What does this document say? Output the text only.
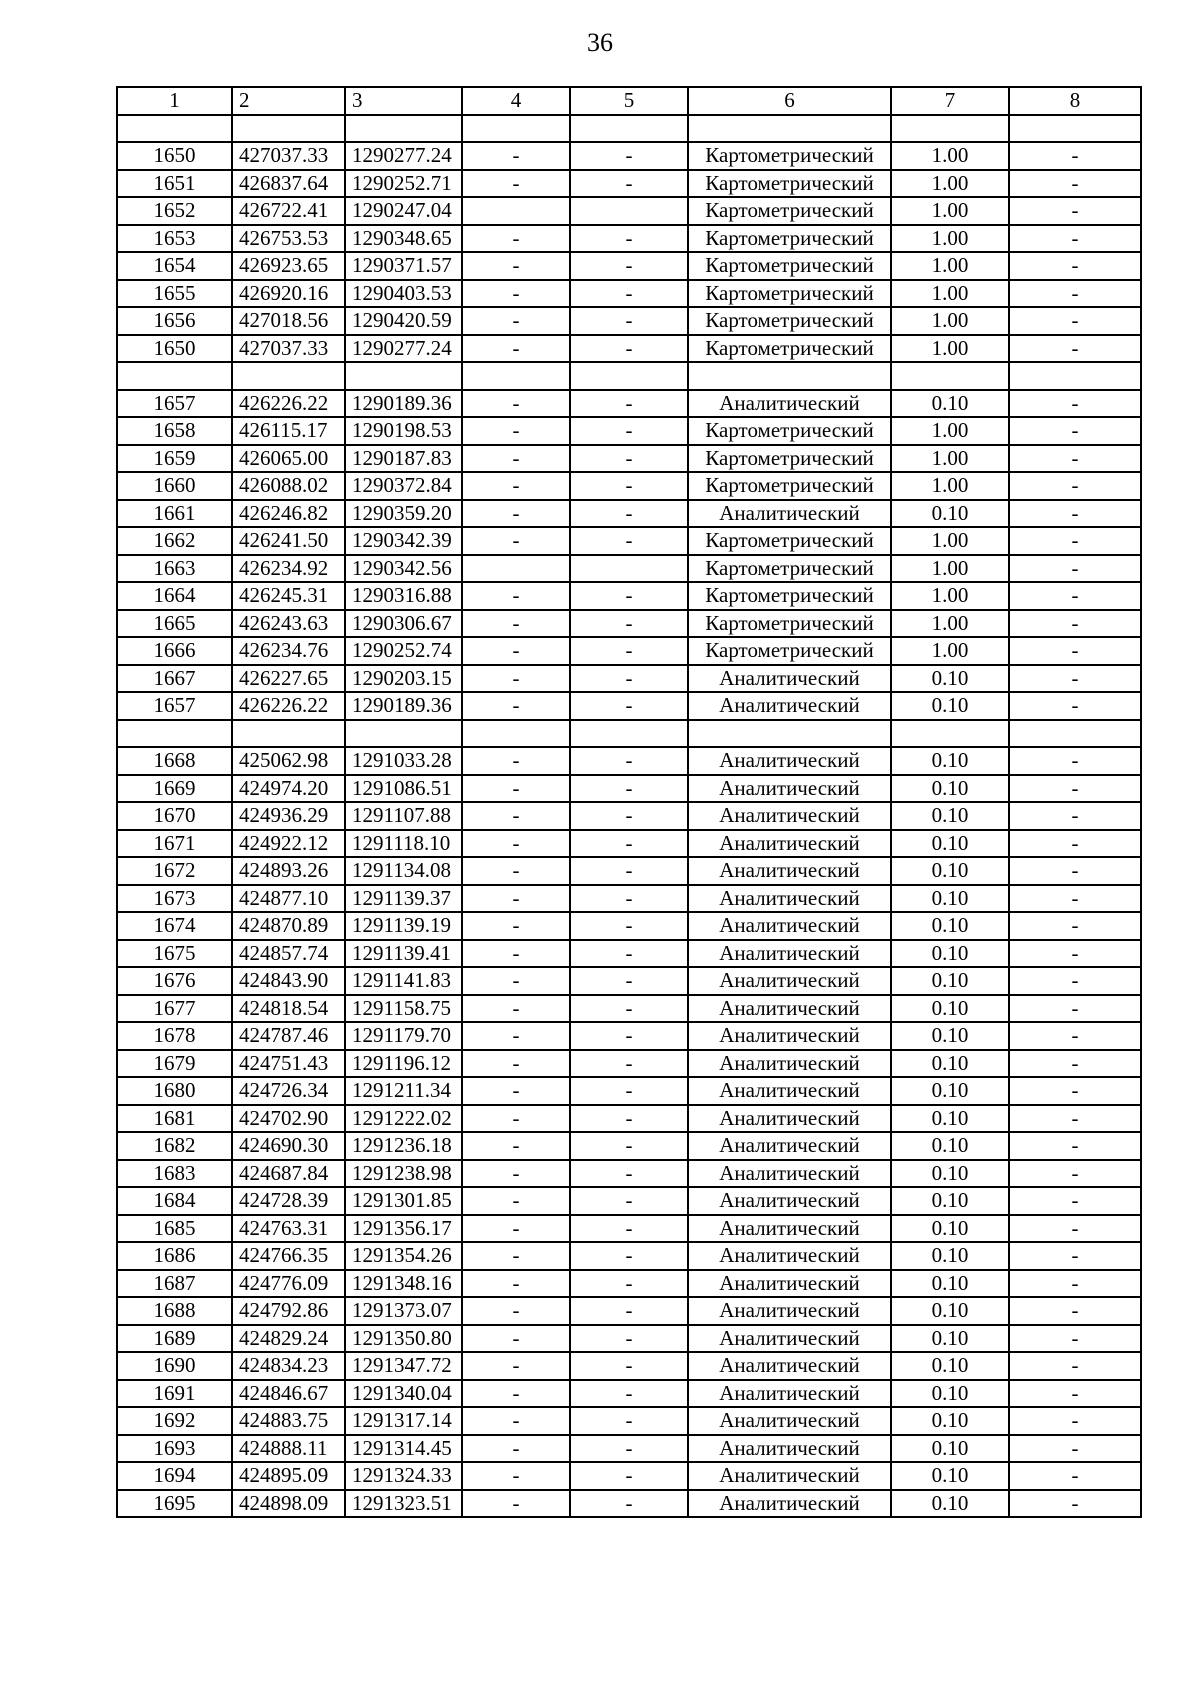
36
1	2	3	4	5	6	7	8

1650	427037.33	1290277.24	-	-	Картометрический	1.00	-
1651	426837.64	1290252.71	-	-	Картометрический	1.00	-
1652	426722.41	1290247.04			Картометрический	1.00	-
1653	426753.53	1290348.65	-	-	Картометрический	1.00	-
1654	426923.65	1290371.57	-	-	Картометрический	1.00	-
1655	426920.16	1290403.53	-	-	Картометрический	1.00	-
1656	427018.56	1290420.59	-	-	Картометрический	1.00	-
1650	427037.33	1290277.24	-	-	Картометрический	1.00	-

1657	426226.22	1290189.36	-	-	Аналитический	0.10	-
1658	426115.17	1290198.53	-	-	Картометрический	1.00	-
1659	426065.00	1290187.83	-	-	Картометрический	1.00	-
1660	426088.02	1290372.84	-	-	Картометрический	1.00	-
1661	426246.82	1290359.20	-	-	Аналитический	0.10	-
1662	426241.50	1290342.39	-	-	Картометрический	1.00	-
1663	426234.92	1290342.56			Картометрический	1.00	-
1664	426245.31	1290316.88	-	-	Картометрический	1.00	-
1665	426243.63	1290306.67	-	-	Картометрический	1.00	-
1666	426234.76	1290252.74	-	-	Картометрический	1.00	-
1667	426227.65	1290203.15	-	-	Аналитический	0.10	-
1657	426226.22	1290189.36	-	-	Аналитический	0.10	-

1668	425062.98	1291033.28	-	-	Аналитический	0.10	-
1669	424974.20	1291086.51	-	-	Аналитический	0.10	-
1670	424936.29	1291107.88	-	-	Аналитический	0.10	-
1671	424922.12	1291118.10	-	-	Аналитический	0.10	-
1672	424893.26	1291134.08	-	-	Аналитический	0.10	-
1673	424877.10	1291139.37	-	-	Аналитический	0.10	-
1674	424870.89	1291139.19	-	-	Аналитический	0.10	-
1675	424857.74	1291139.41	-	-	Аналитический	0.10	-
1676	424843.90	1291141.83	-	-	Аналитический	0.10	-
1677	424818.54	1291158.75	-	-	Аналитический	0.10	-
1678	424787.46	1291179.70	-	-	Аналитический	0.10	-
1679	424751.43	1291196.12	-	-	Аналитический	0.10	-
1680	424726.34	1291211.34	-	-	Аналитический	0.10	-
1681	424702.90	1291222.02	-	-	Аналитический	0.10	-
1682	424690.30	1291236.18	-	-	Аналитический	0.10	-
1683	424687.84	1291238.98	-	-	Аналитический	0.10	-
1684	424728.39	1291301.85	-	-	Аналитический	0.10	-
1685	424763.31	1291356.17	-	-	Аналитический	0.10	-
1686	424766.35	1291354.26	-	-	Аналитический	0.10	-
1687	424776.09	1291348.16	-	-	Аналитический	0.10	-
1688	424792.86	1291373.07	-	-	Аналитический	0.10	-
1689	424829.24	1291350.80	-	-	Аналитический	0.10	-
1690	424834.23	1291347.72	-	-	Аналитический	0.10	-
1691	424846.67	1291340.04	-	-	Аналитический	0.10	-
1692	424883.75	1291317.14	-	-	Аналитический	0.10	-
1693	424888.11	1291314.45	-	-	Аналитический	0.10	-
1694	424895.09	1291324.33	-	-	Аналитический	0.10	-
1695	424898.09	1291323.51	-	-	Аналитический	0.10	-
